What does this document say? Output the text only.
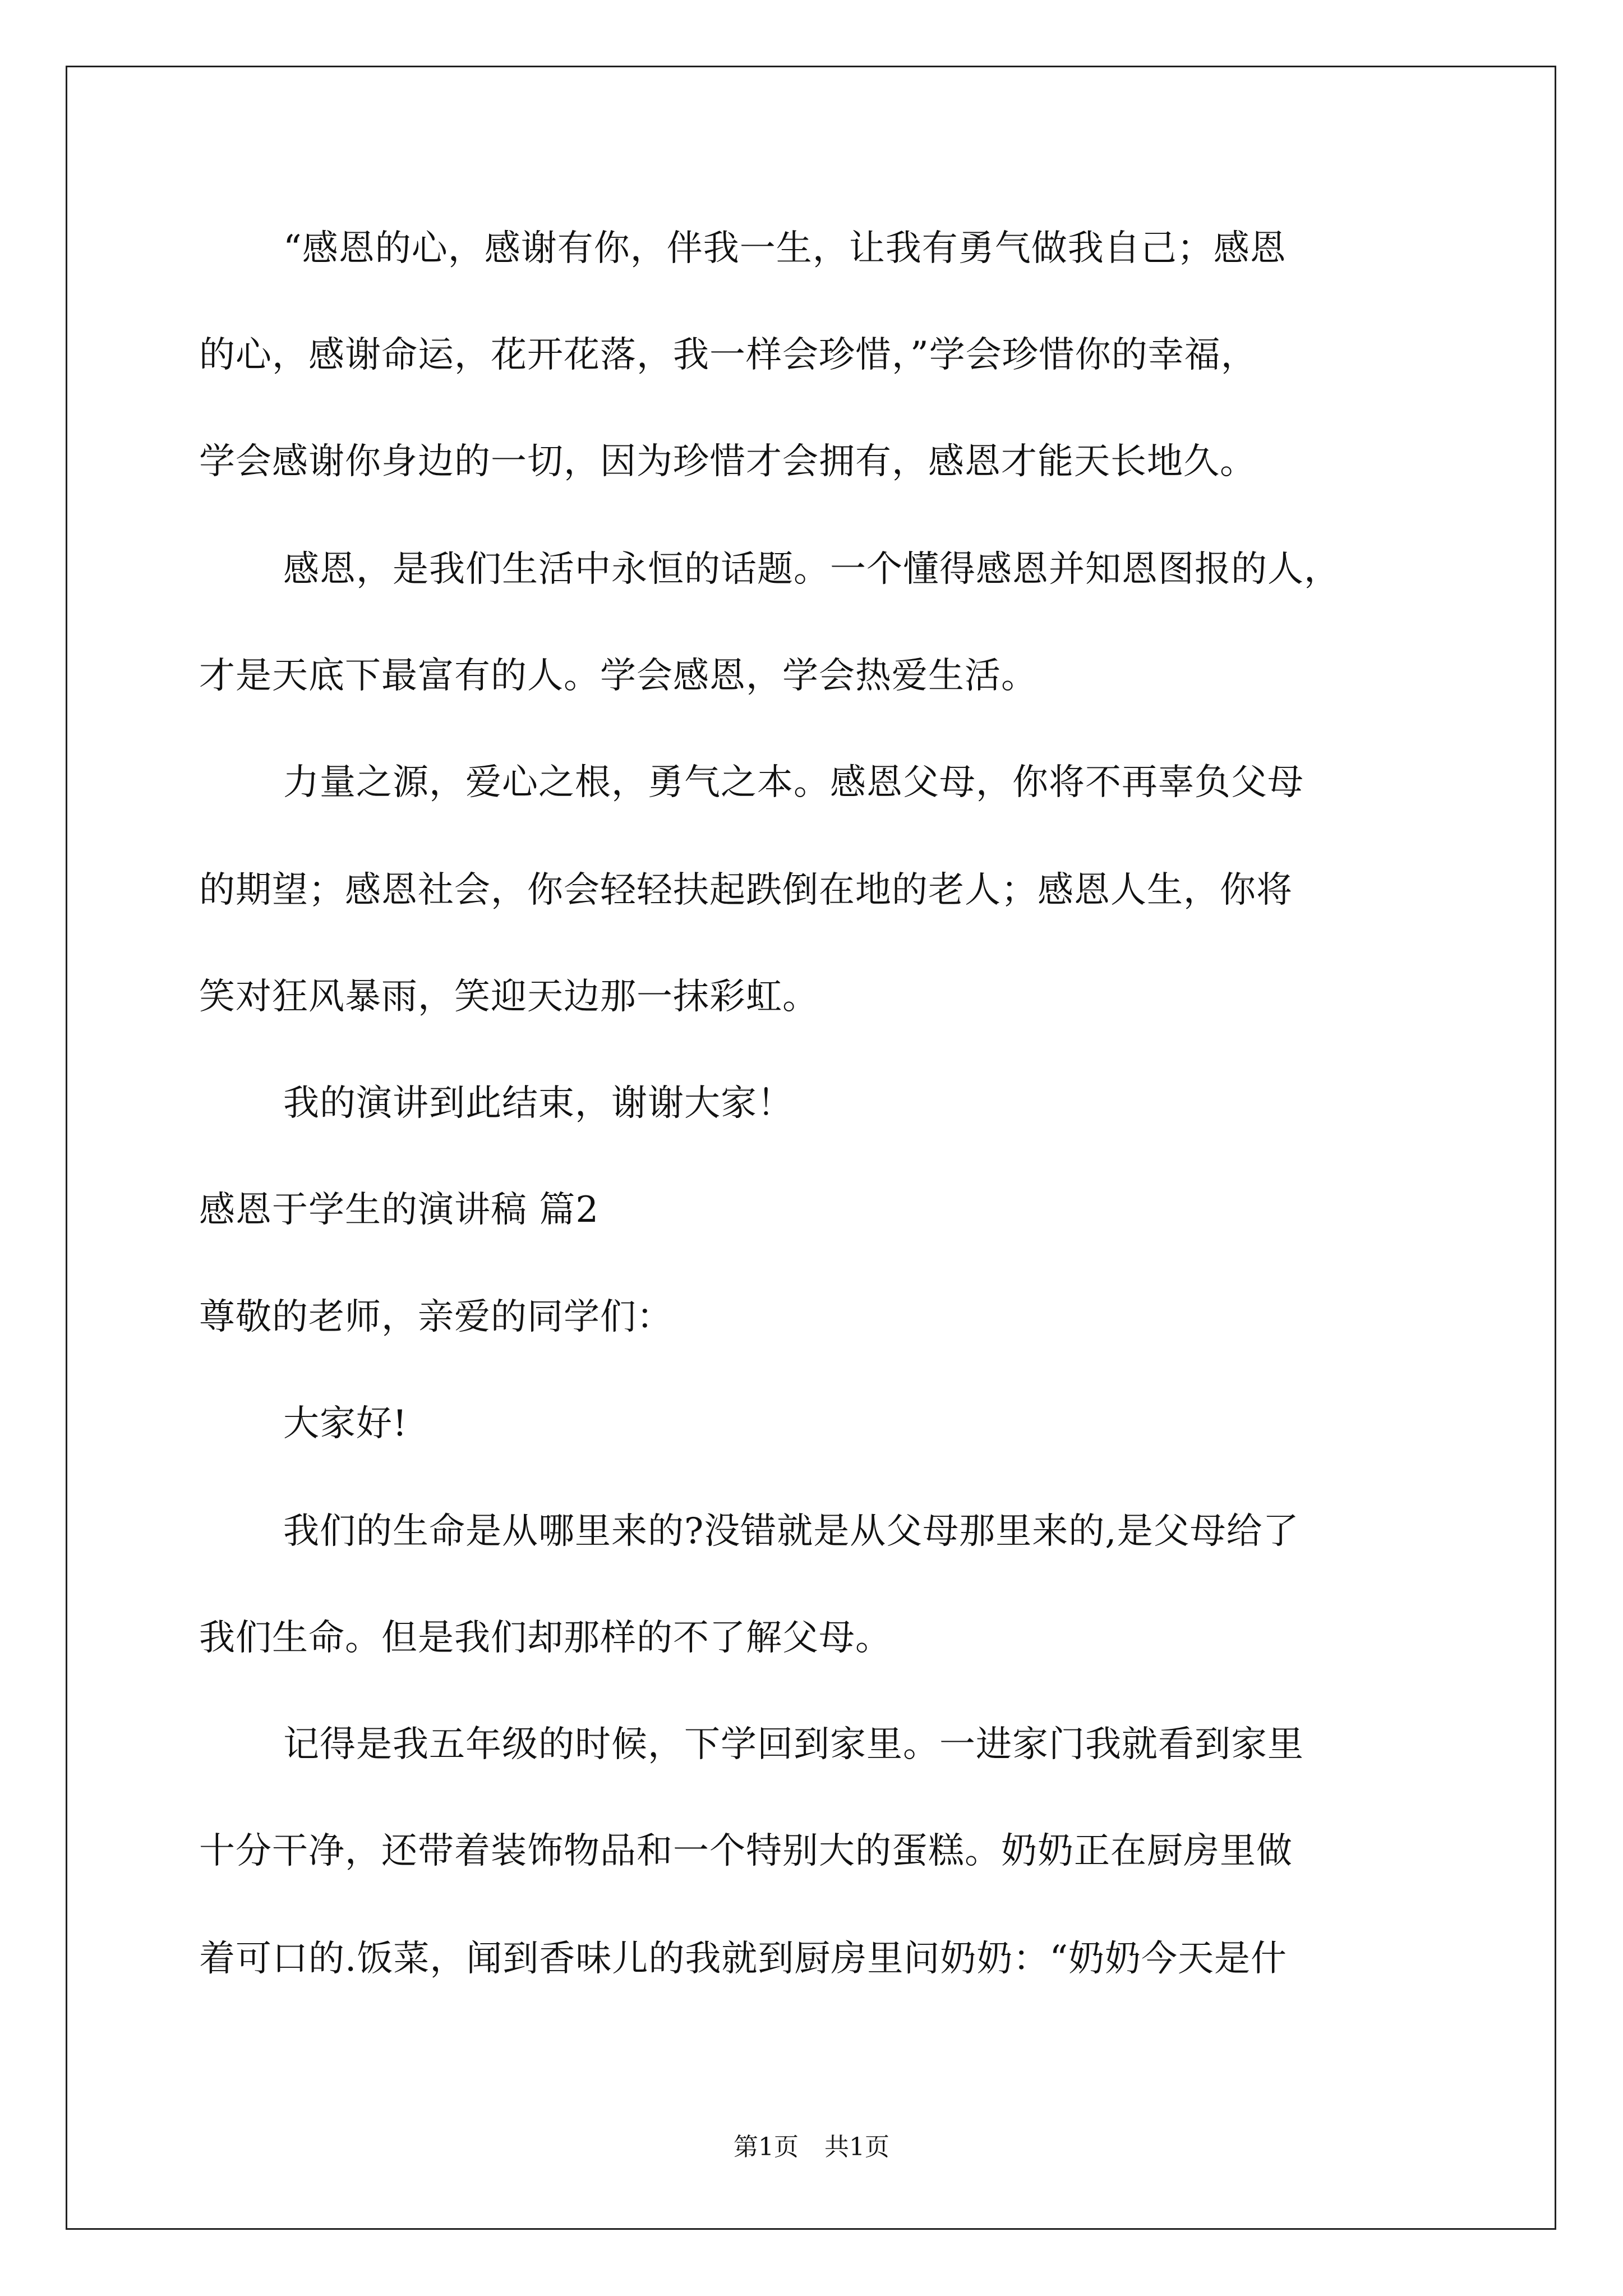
“感恩的心，感谢有你，伴我一生，让我有勇气做我自己；感恩
的心，感谢命运，花开花落，我一样会珍惜，”学会珍惜你的幸福，
学会感谢你身边的一切，因为珍惜才会拥有，感恩才能天长地久。
感恩，是我们生活中永恒的话题。一个懂得感恩并知恩图报的人，
才是天底下最富有的人。学会感恩，学会热爱生活。
力量之源，爱心之根，勇气之本。感恩父母，你将不再辜负父母
的期望；感恩社会，你会轻轻扶起跌倒在地的老人；感恩人生，你将
笑对狂风暴雨，笑迎天边那一抹彩虹。
我的演讲到此结束，谢谢大家！
感恩于学生的演讲稿 篇2
尊敬的老师，亲爱的同学们：
大家好!
我们的生命是从哪里来的?没错就是从父母那里来的,是父母给了
我们生命。但是我们却那样的不了解父母。
记得是我五年级的时候，下学回到家里。一进家门我就看到家里
十分干净，还带着装饰物品和一个特别大的蛋糕。奶奶正在厨房里做
着可口的.饭菜，闻到香味儿的我就到厨房里问奶奶：“奶奶今天是什
第1页 共1页
